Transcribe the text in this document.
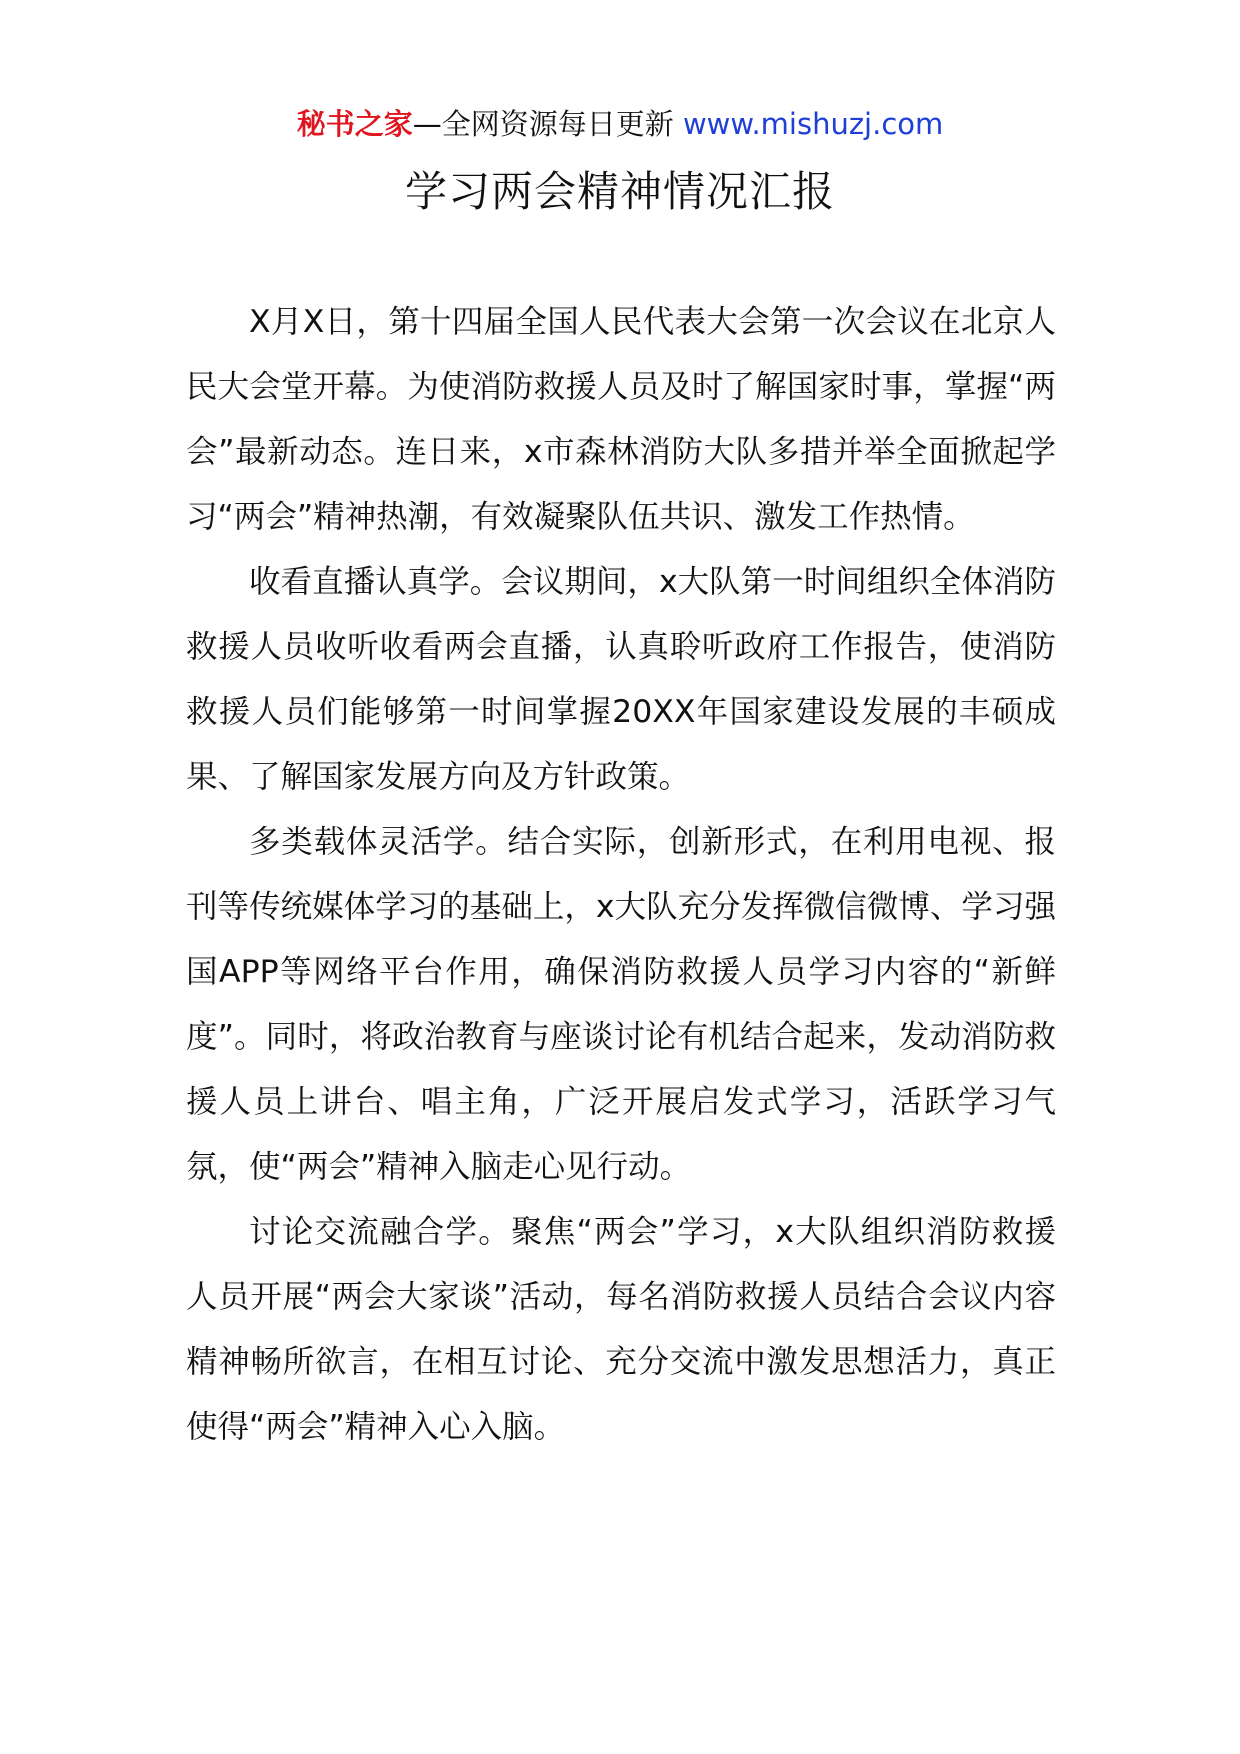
秘书之家—全网资源每日更新 www.mishuzj.com
学习两会精神情况汇报

X月X日，第十四届全国人民代表大会第一次会议在北京人民大会堂开幕。为使消防救援人员及时了解国家时事，掌握“两会”最新动态。连日来，x市森林消防大队多措并举全面掀起学习“两会”精神热潮，有效凝聚队伍共识、激发工作热情。

收看直播认真学。会议期间，x大队第一时间组织全体消防救援人员收听收看两会直播，认真聆听政府工作报告，使消防救援人员们能够第一时间掌握20XX年国家建设发展的丰硕成果、了解国家发展方向及方针政策。

多类载体灵活学。结合实际，创新形式，在利用电视、报刊等传统媒体学习的基础上，x大队充分发挥微信微博、学习强国APP等网络平台作用，确保消防救援人员学习内容的“新鲜度”。同时，将政治教育与座谈讨论有机结合起来，发动消防救援人员上讲台、唱主角，广泛开展启发式学习，活跃学习气氛，使“两会”精神入脑走心见行动。

讨论交流融合学。聚焦“两会”学习，x大队组织消防救援人员开展“两会大家谈”活动，每名消防救援人员结合会议内容精神畅所欲言，在相互讨论、充分交流中激发思想活力，真正使得“两会”精神入心入脑。
